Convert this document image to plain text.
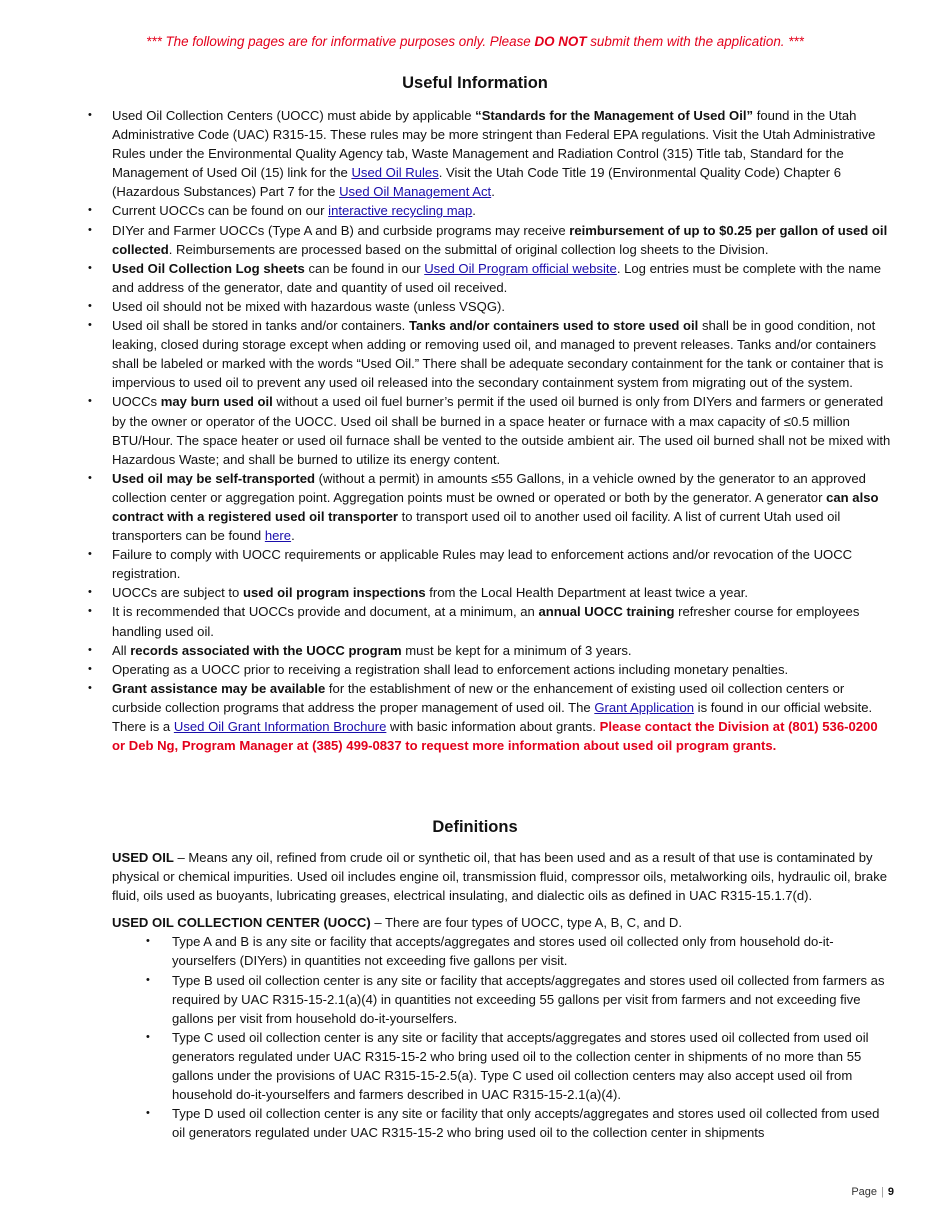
*** The following pages are for informative purposes only. Please DO NOT submit them with the application. ***
Useful Information
• Used Oil Collection Centers (UOCC) must abide by applicable “Standards for the Management of Used Oil” found in the Utah Administrative Code (UAC) R315-15. These rules may be more stringent than Federal EPA regulations. Visit the Utah Administrative Rules under the Environmental Quality Agency tab, Waste Management and Radiation Control (315) Title tab, Standard for the Management of Used Oil (15) link for the Used Oil Rules. Visit the Utah Code Title 19 (Environmental Quality Code) Chapter 6 (Hazardous Substances) Part 7 for the Used Oil Management Act.
• Current UOCCs can be found on our interactive recycling map.
• DIYer and Farmer UOCCs (Type A and B) and curbside programs may receive reimbursement of up to $0.25 per gallon of used oil collected. Reimbursements are processed based on the submittal of original collection log sheets to the Division.
• Used Oil Collection Log sheets can be found in our Used Oil Program official website. Log entries must be complete with the name and address of the generator, date and quantity of used oil received.
• Used oil should not be mixed with hazardous waste (unless VSQG).
• Used oil shall be stored in tanks and/or containers. Tanks and/or containers used to store used oil shall be in good condition, not leaking, closed during storage except when adding or removing used oil, and managed to prevent releases. Tanks and/or containers shall be labeled or marked with the words “Used Oil.” There shall be adequate secondary containment for the tank or container that is impervious to used oil to prevent any used oil released into the secondary containment system from migrating out of the system.
• UOCCs may burn used oil without a used oil fuel burner’s permit if the used oil burned is only from DIYers and farmers or generated by the owner or operator of the UOCC. Used oil shall be burned in a space heater or furnace with a max capacity of ≤0.5 million BTU/Hour. The space heater or used oil furnace shall be vented to the outside ambient air. The used oil burned shall not be mixed with Hazardous Waste; and shall be burned to utilize its energy content.
• Used oil may be self-transported (without a permit) in amounts ≤55 Gallons, in a vehicle owned by the generator to an approved collection center or aggregation point. Aggregation points must be owned or operated or both by the generator. A generator can also contract with a registered used oil transporter to transport used oil to another used oil facility. A list of current Utah used oil transporters can be found here.
• Failure to comply with UOCC requirements or applicable Rules may lead to enforcement actions and/or revocation of the UOCC registration.
• UOCCs are subject to used oil program inspections from the Local Health Department at least twice a year.
• It is recommended that UOCCs provide and document, at a minimum, an annual UOCC training refresher course for employees handling used oil.
• All records associated with the UOCC program must be kept for a minimum of 3 years.
• Operating as a UOCC prior to receiving a registration shall lead to enforcement actions including monetary penalties.
• Grant assistance may be available for the establishment of new or the enhancement of existing used oil collection centers or curbside collection programs that address the proper management of used oil. The Grant Application is found in our official website. There is a Used Oil Grant Information Brochure with basic information about grants. Please contact the Division at (801) 536-0200 or Deb Ng, Program Manager at (385) 499-0837 to request more information about used oil program grants.
Definitions

USED OIL – Means any oil, refined from crude oil or synthetic oil, that has been used and as a result of that use is contaminated by physical or chemical impurities. Used oil includes engine oil, transmission fluid, compressor oils, metalworking oils, hydraulic oil, brake fluid, oils used as buoyants, lubricating greases, electrical insulating, and dialectic oils as defined in UAC R315-15.1.7(d).

USED OIL COLLECTION CENTER (UOCC) – There are four types of UOCC, type A, B, C, and D.

• Type A and B is any site or facility that accepts/aggregates and stores used oil collected only from household do-it-yourselfers (DIYers) in quantities not exceeding five gallons per visit.
• Type B used oil collection center is any site or facility that accepts/aggregates and stores used oil collected from farmers as required by UAC R315-15-2.1(a)(4) in quantities not exceeding 55 gallons per visit from farmers and not exceeding five gallons per visit from household do-it-yourselfers.
• Type C used oil collection center is any site or facility that accepts/aggregates and stores used oil collected from used oil generators regulated under UAC R315-15-2 who bring used oil to the collection center in shipments of no more than 55 gallons under the provisions of UAC R315-15-2.5(a). Type C used oil collection centers may also accept used oil from household do-it-yourselfers and farmers described in UAC R315-15-2.1(a)(4).
• Type D used oil collection center is any site or facility that only accepts/aggregates and stores used oil collected from used oil generators regulated under UAC R315-15-2 who bring used oil to the collection center in shipments
Page | 9
